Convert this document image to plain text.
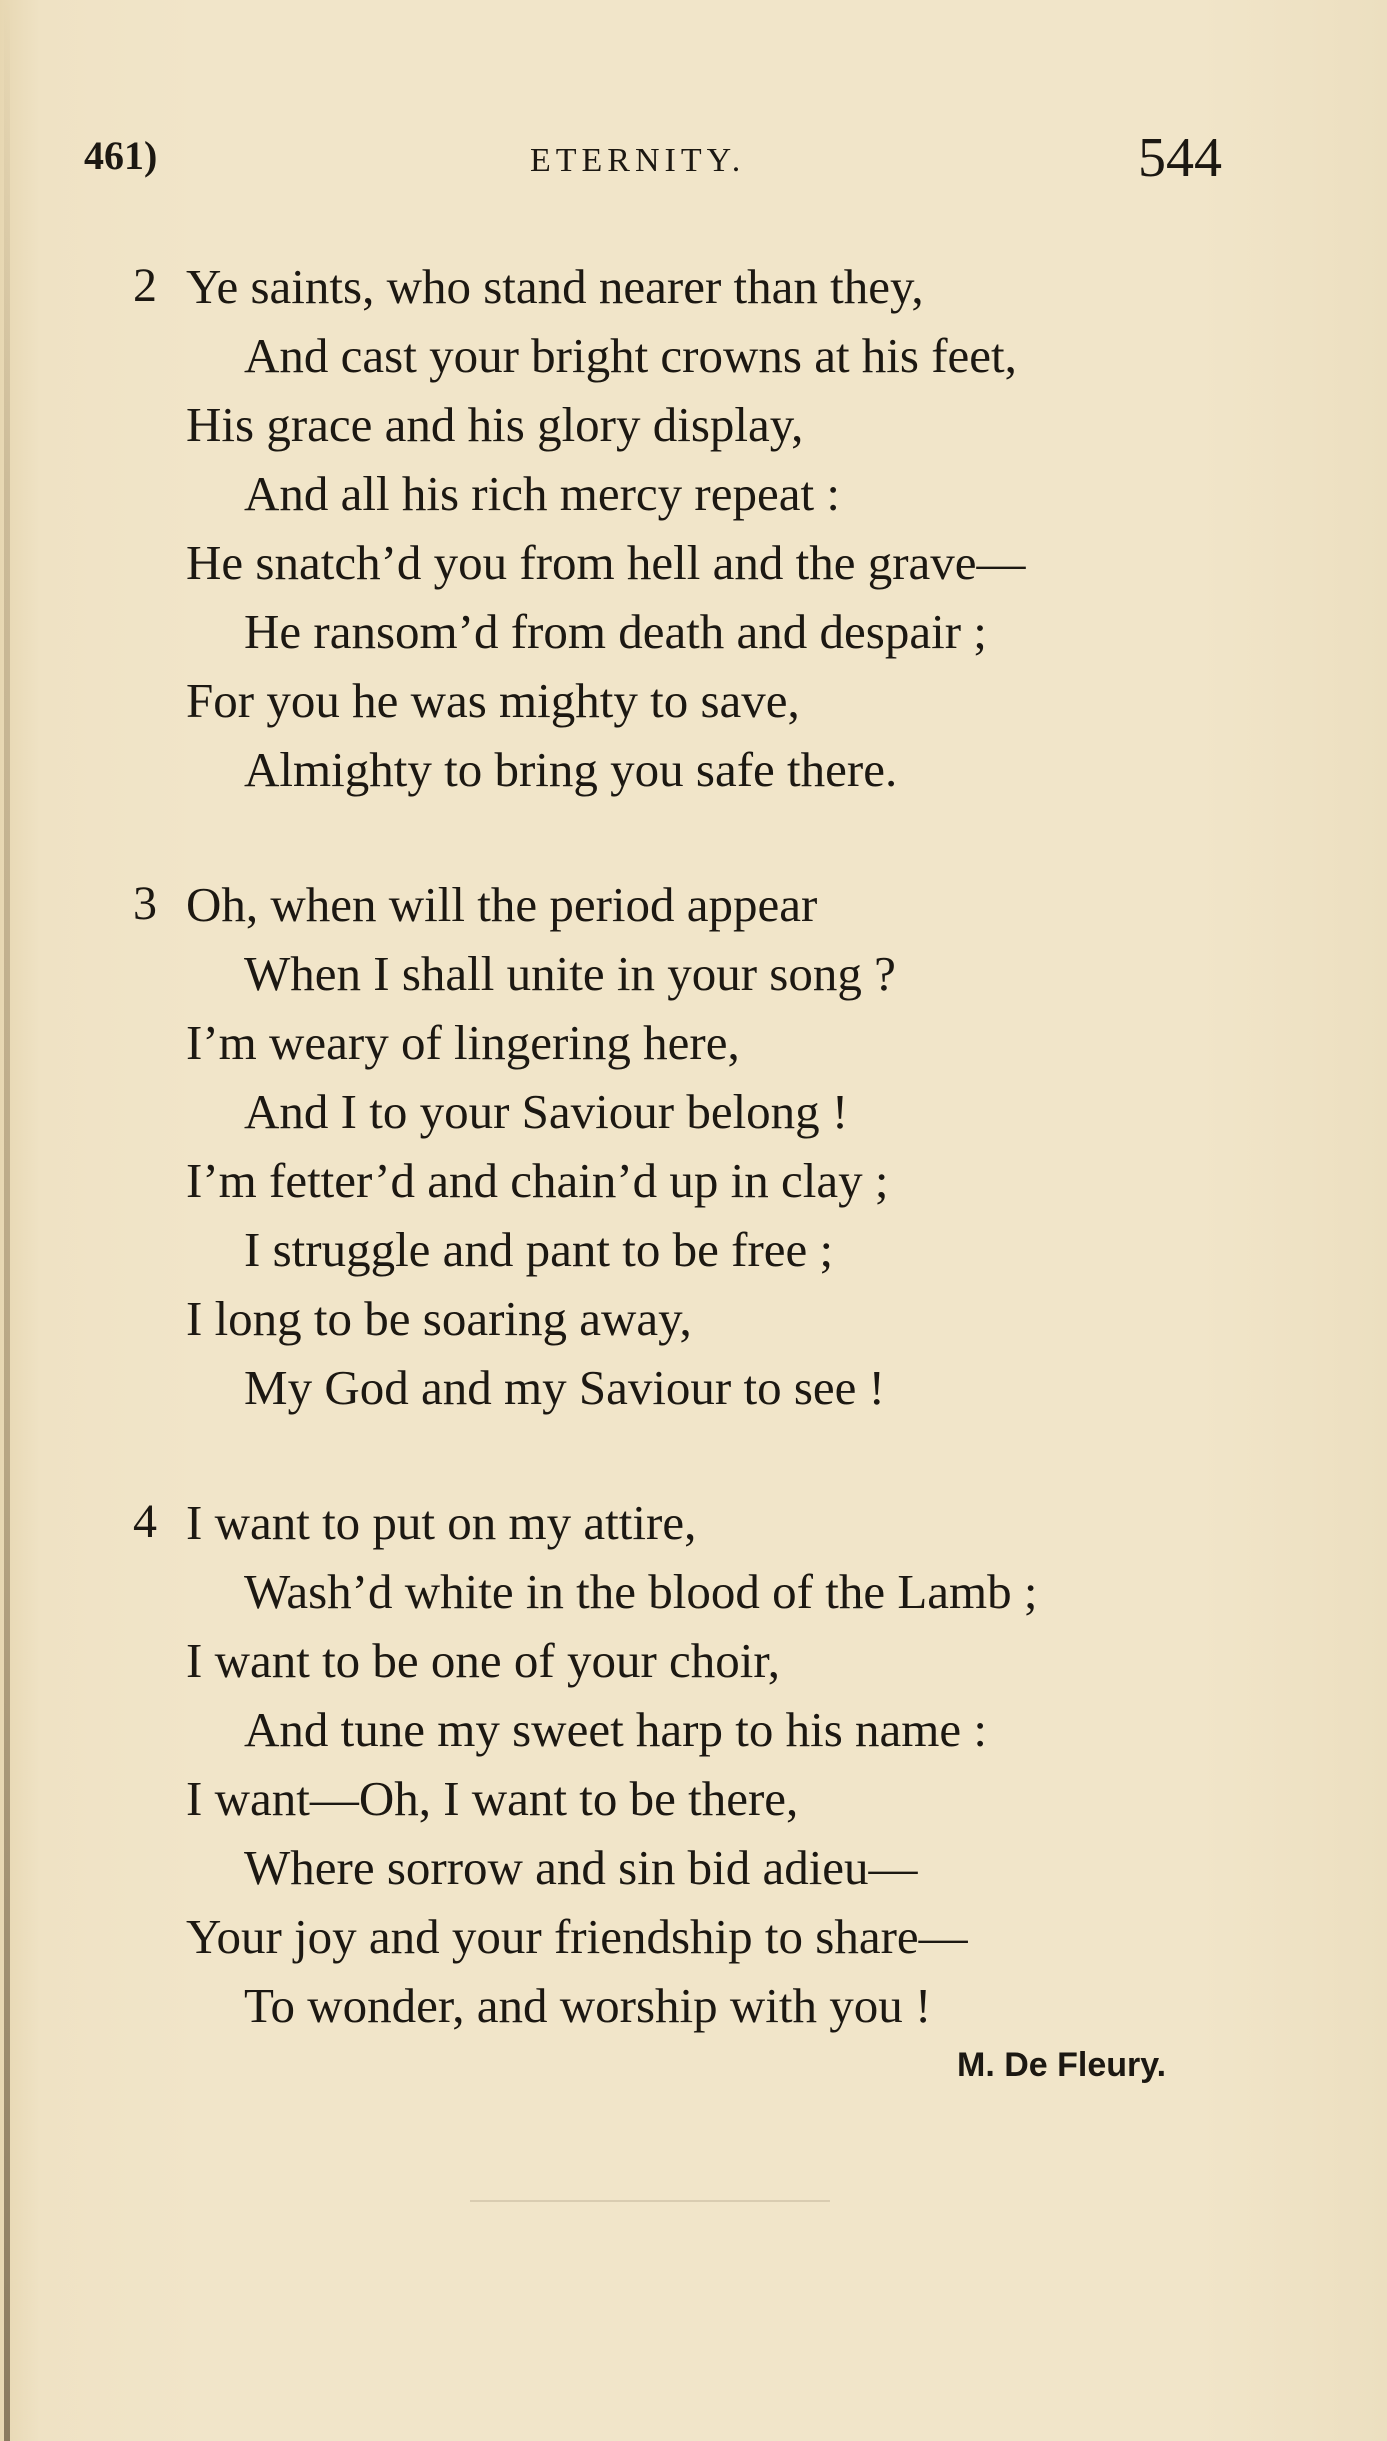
461)	ETERNITY.	544
2 Ye saints, who stand nearer than they,
And cast your bright crowns at his feet,
His grace and his glory display,
And all his rich mercy repeat :
He snatch’d you from hell and the grave—
He ransom’d from death and despair ;
For you he was mighty to save,
Almighty to bring you safe there.
3 Oh, when will the period appear
When I shall unite in your song ?
I’m weary of lingering here,
And I to your Saviour belong !
I’m fetter’d and chain’d up in clay ;
I struggle and pant to be free ;
I long to be soaring away,
My God and my Saviour to see !
4 I want to put on my attire,
Wash’d white in the blood of the Lamb ;
I want to be one of your choir,
And tune my sweet harp to his name :
I want—Oh, I want to be there,
Where sorrow and sin bid adieu—
Your joy and your friendship to share—
To wonder, and worship with you !
M. De Fleury.
